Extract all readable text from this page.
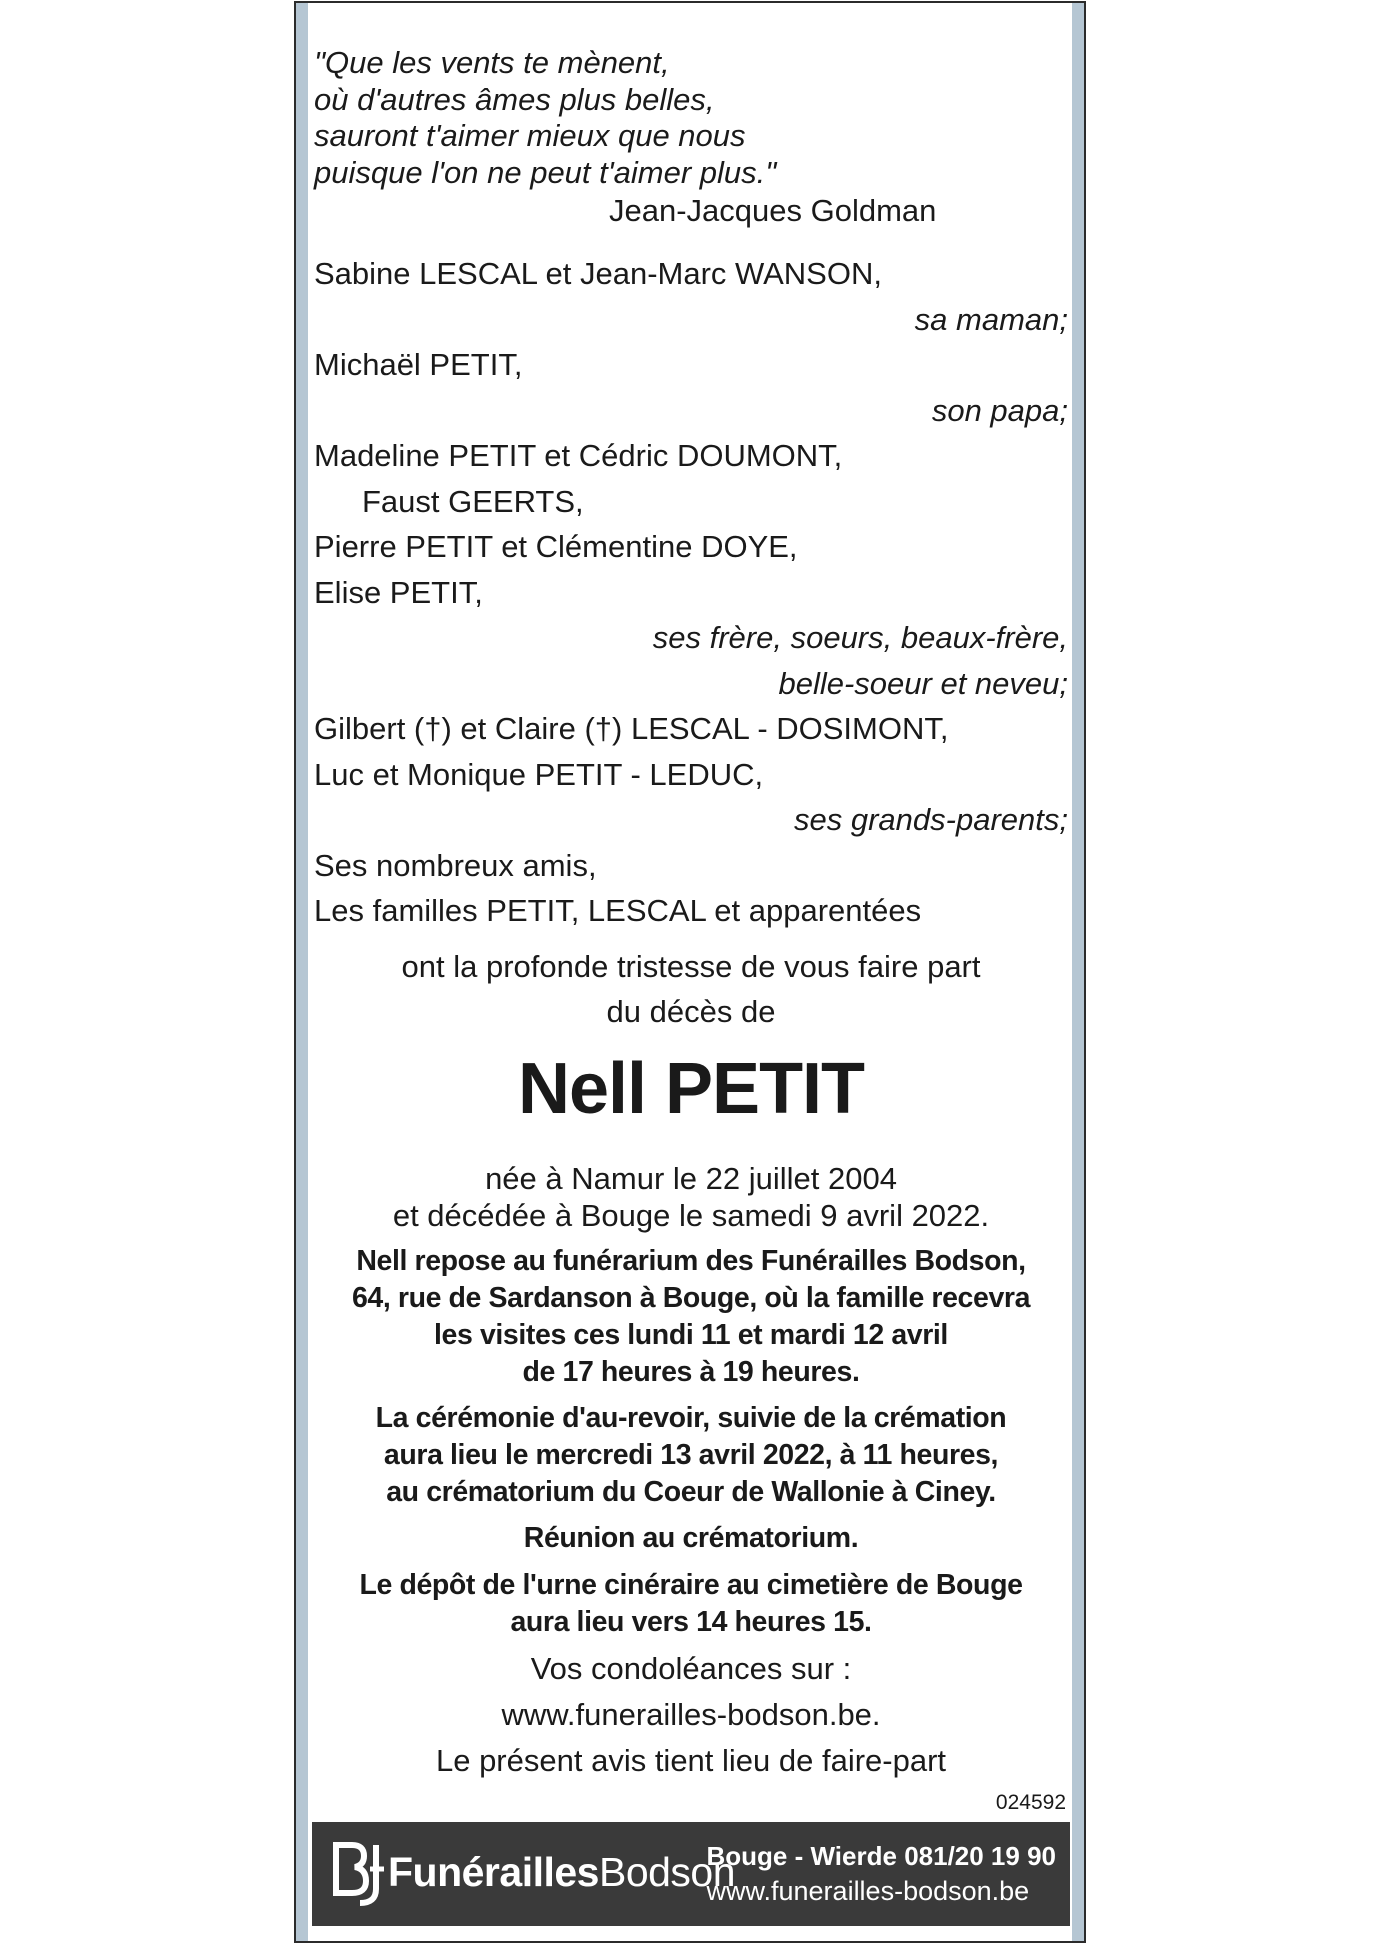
"Que les vents te mènent,
où d'autres âmes plus belles,
sauront t'aimer mieux que nous
puisque l'on ne peut t'aimer plus."
Jean-Jacques Goldman
Sabine LESCAL et Jean-Marc WANSON,
sa maman;
Michaël PETIT,
son papa;
Madeline PETIT et Cédric DOUMONT,
Faust GEERTS,
Pierre PETIT et Clémentine DOYE,
Elise PETIT,
ses frère, soeurs, beaux-frère,
belle-soeur et neveu;
Gilbert (†) et Claire (†) LESCAL - DOSIMONT,
Luc et Monique PETIT - LEDUC,
ses grands-parents;
Ses nombreux amis,
Les familles PETIT, LESCAL et apparentées
ont la profonde tristesse de vous faire part
du décès de
Nell PETIT
née à Namur le 22 juillet 2004
et décédée à Bouge le samedi 9 avril 2022.
Nell repose au funérarium des Funérailles Bodson,
64, rue de Sardanson à Bouge, où la famille recevra
les visites ces lundi 11 et mardi 12 avril
de 17 heures à 19 heures.
La cérémonie d'au-revoir, suivie de la crémation
aura lieu le mercredi 13 avril 2022, à 11 heures,
au crématorium du Coeur de Wallonie à Ciney.
Réunion au crématorium.
Le dépôt de l'urne cinéraire au cimetière de Bouge
aura lieu vers 14 heures 15.
Vos condoléances sur :
www.funerailles-bodson.be.
Le présent avis tient lieu de faire-part
024592
FunéraillesBodson
Bouge - Wierde 081/20 19 90
www.funerailles-bodson.be
